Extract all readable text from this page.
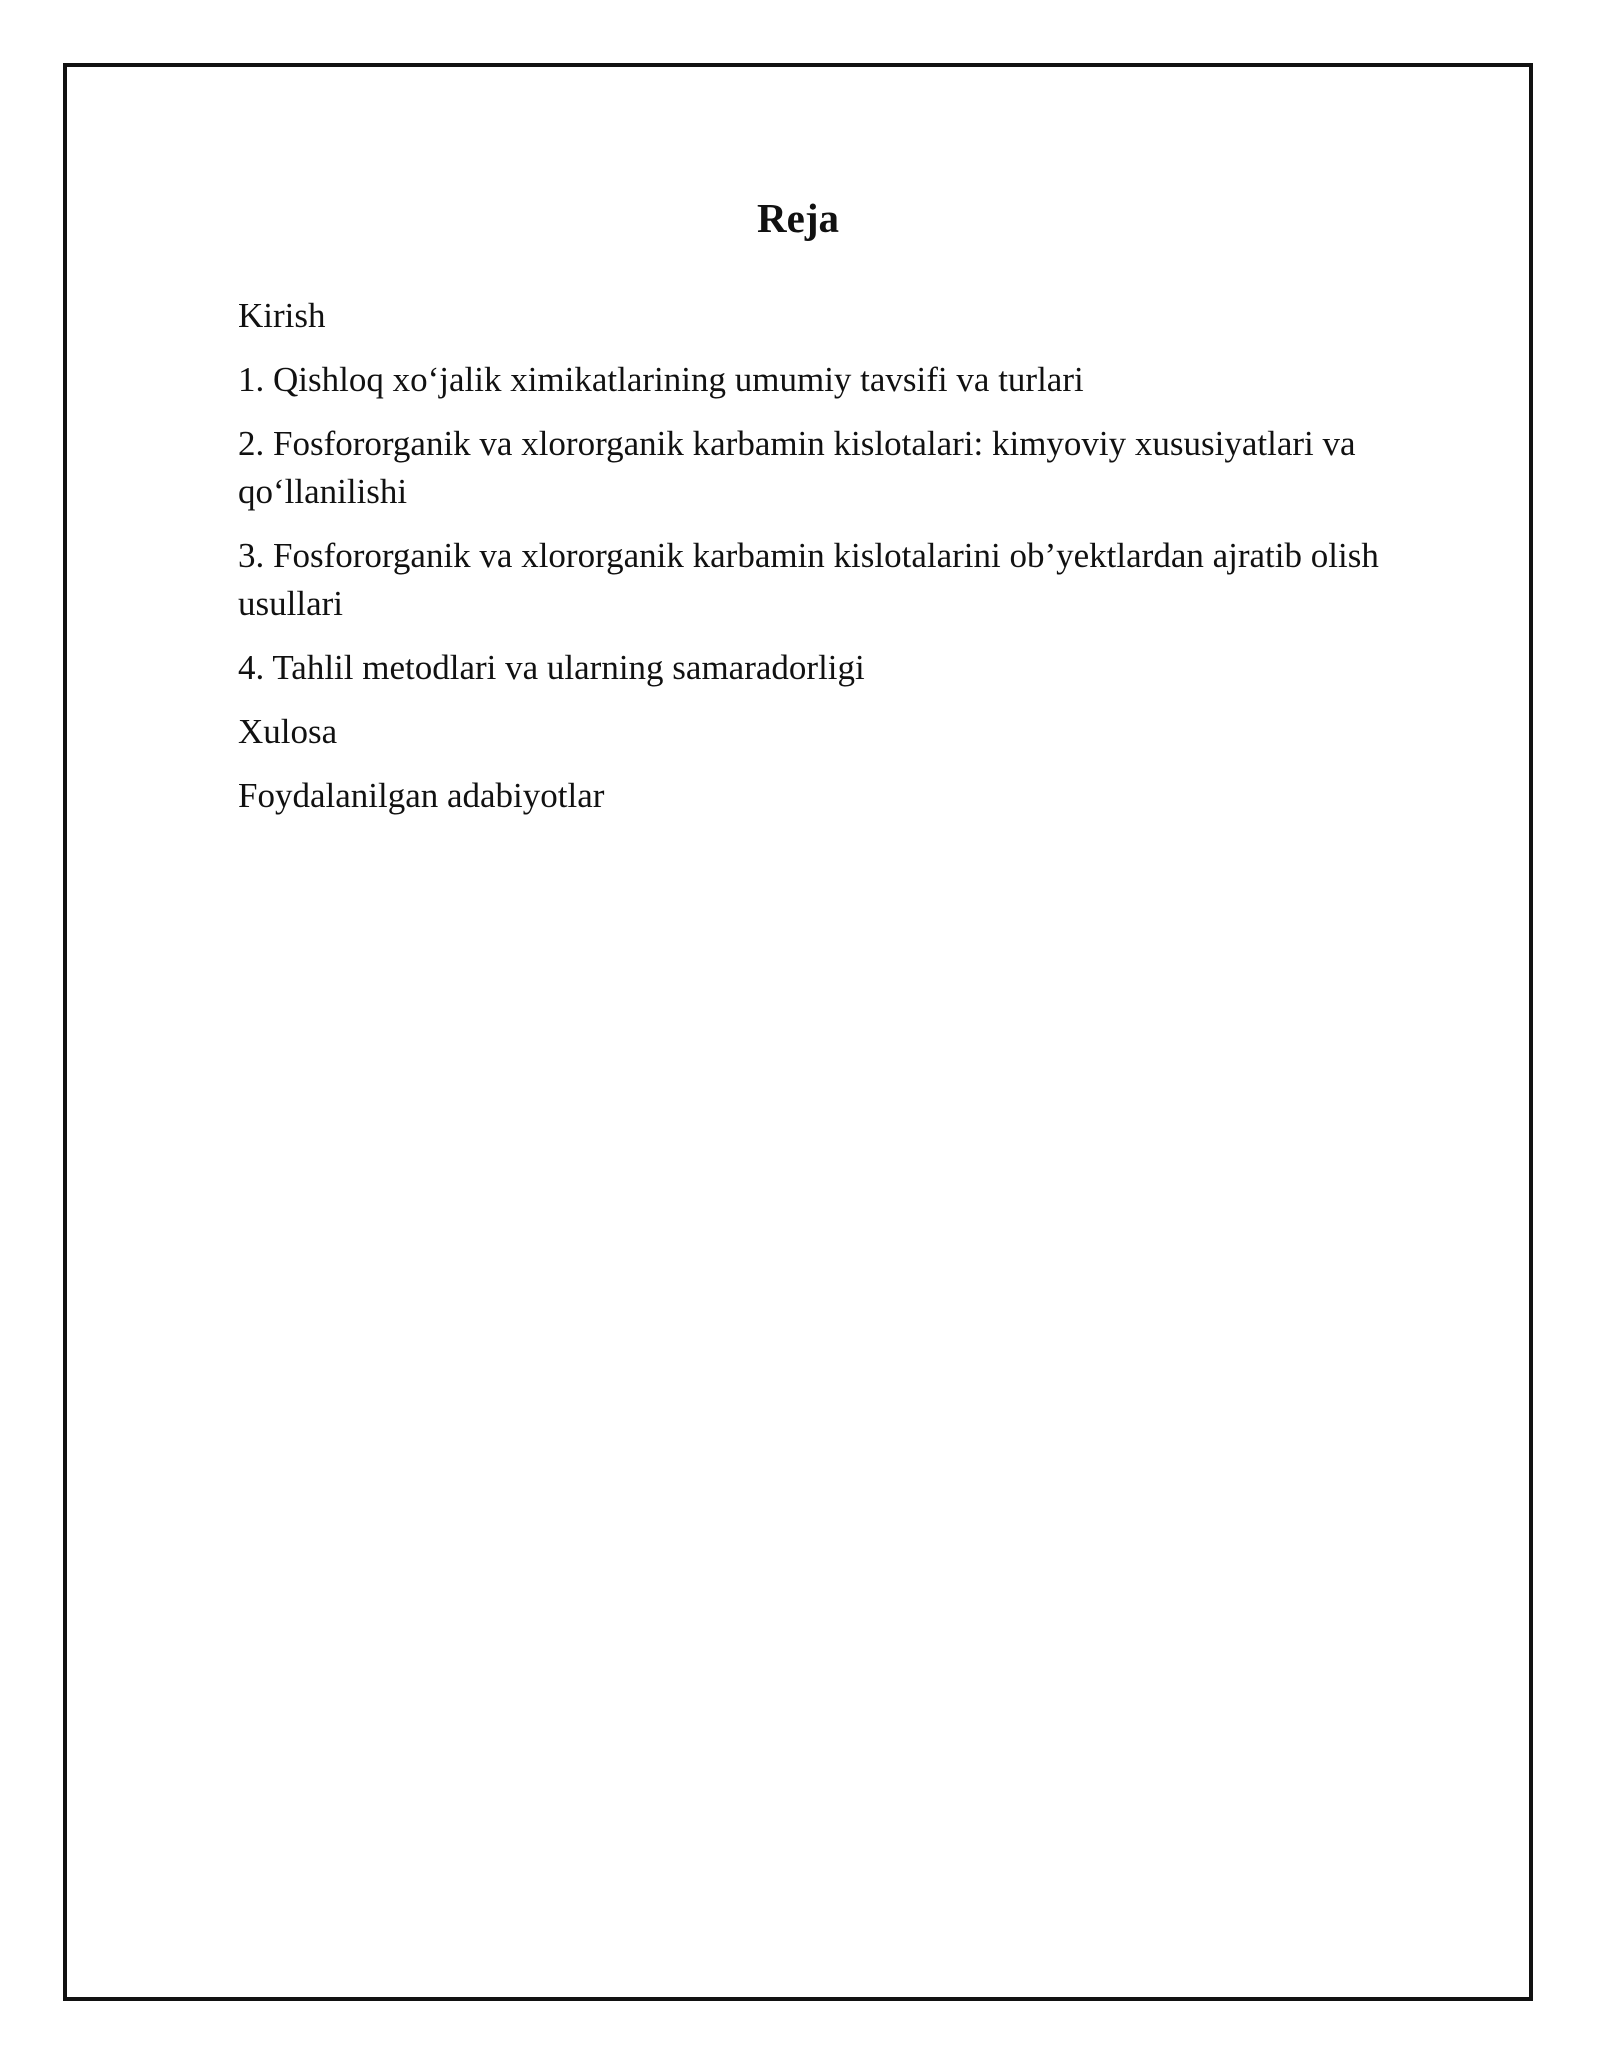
Reja
Kirish
1. Qishloq xo‘jalik ximikatlarining umumiy tavsifi va turlari
2. Fosfororganik va xlororganik karbamin kislotalari: kimyoviy xususiyatlari va qo‘llanilishi
3. Fosfororganik va xlororganik karbamin kislotalarini ob’yektlardan ajratib olish usullari
4. Tahlil metodlari va ularning samaradorligi
Xulosa
Foydalanilgan adabiyotlar
